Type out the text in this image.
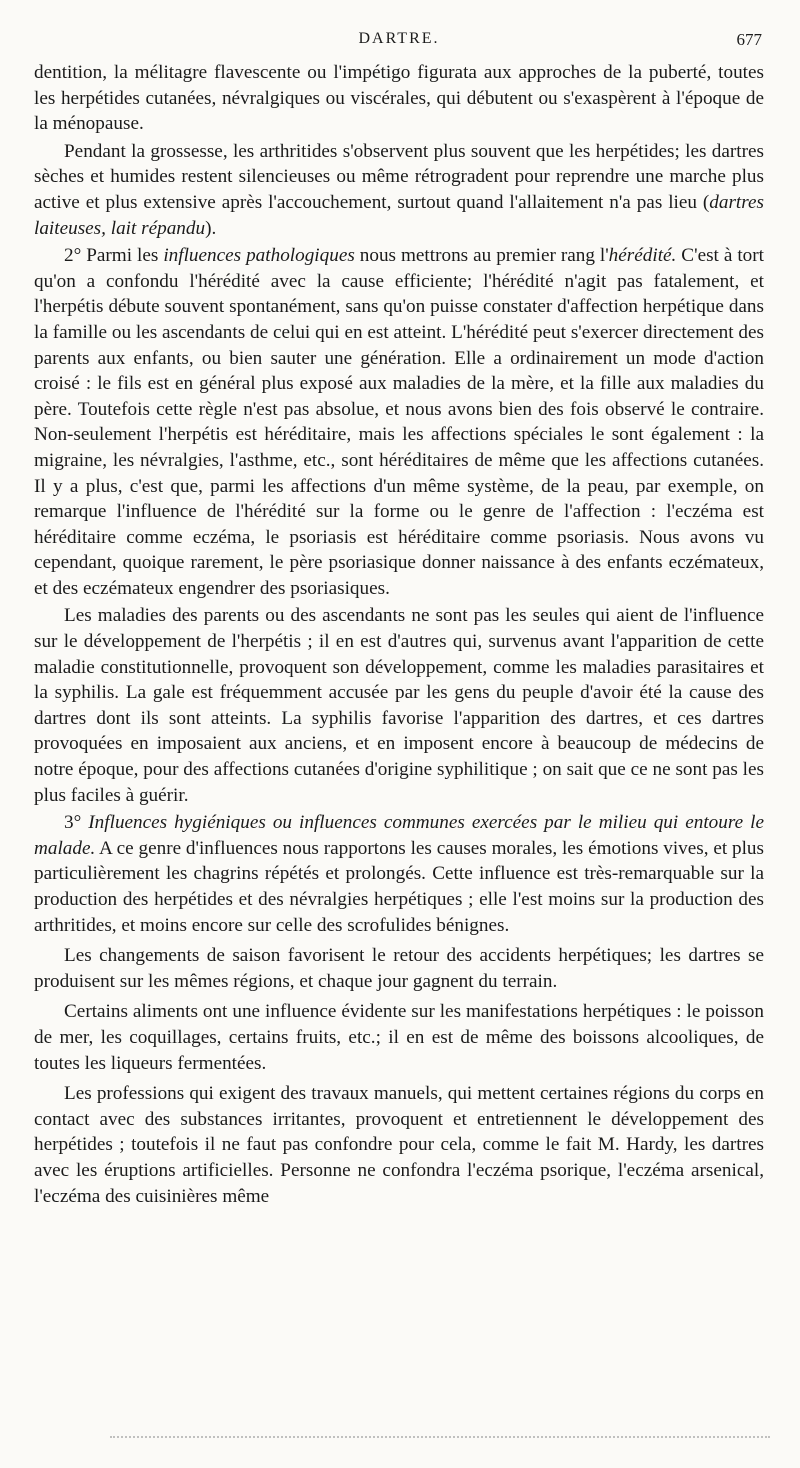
DARTRE.	677

dentition, la mélitagre flavescente ou l'impétigo figurata aux approches de la puberté, toutes les herpétides cutanées, névralgiques ou viscérales, qui débutent ou s'exaspèrent à l'époque de la ménopause.

Pendant la grossesse, les arthritides s'observent plus souvent que les herpétides; les dartres sèches et humides restent silencieuses ou même rétrogradent pour reprendre une marche plus active et plus extensive après l'accouchement, surtout quand l'allaitement n'a pas lieu (dartres laiteuses, lait répandu).

2° Parmi les influences pathologiques nous mettrons au premier rang l'hérédité. C'est à tort qu'on a confondu l'hérédité avec la cause efficiente; l'hérédité n'agit pas fatalement, et l'herpétis débute souvent spontanément, sans qu'on puisse constater d'affection herpétique dans la famille ou les ascendants de celui qui en est atteint. L'hérédité peut s'exercer directement des parents aux enfants, ou bien sauter une génération. Elle a ordinairement un mode d'action croisé : le fils est en général plus exposé aux maladies de la mère, et la fille aux maladies du père. Toutefois cette règle n'est pas absolue, et nous avons bien des fois observé le contraire. Non-seulement l'herpétis est héréditaire, mais les affections spéciales le sont également : la migraine, les névralgies, l'asthme, etc., sont héréditaires de même que les affections cutanées. Il y a plus, c'est que, parmi les affections d'un même système, de la peau, par exemple, on remarque l'influence de l'hérédité sur la forme ou le genre de l'affection : l'eczéma est héréditaire comme eczéma, le psoriasis est héréditaire comme psoriasis. Nous avons vu cependant, quoique rarement, le père psoriasique donner naissance à des enfants eczémateux, et des eczémateux engendrer des psoriasiques.

Les maladies des parents ou des ascendants ne sont pas les seules qui aient de l'influence sur le développement de l'herpétis ; il en est d'autres qui, survenus avant l'apparition de cette maladie constitutionnelle, provoquent son développement, comme les maladies parasitaires et la syphilis. La gale est fréquemment accusée par les gens du peuple d'avoir été la cause des dartres dont ils sont atteints. La syphilis favorise l'apparition des dartres, et ces dartres provoquées en imposaient aux anciens, et en imposent encore à beaucoup de médecins de notre époque, pour des affections cutanées d'origine syphilitique ; on sait que ce ne sont pas les plus faciles à guérir.

3° Influences hygiéniques ou influences communes exercées par le milieu qui entoure le malade. A ce genre d'influences nous rapportons les causes morales, les émotions vives, et plus particulièrement les chagrins répétés et prolongés. Cette influence est très-remarquable sur la production des herpétides et des névralgies herpétiques ; elle l'est moins sur la production des arthritides, et moins encore sur celle des scrofulides bénignes.

Les changements de saison favorisent le retour des accidents herpétiques; les dartres se produisent sur les mêmes régions, et chaque jour gagnent du terrain.

Certains aliments ont une influence évidente sur les manifestations herpétiques : le poisson de mer, les coquillages, certains fruits, etc.; il en est de même des boissons alcooliques, de toutes les liqueurs fermentées.

Les professions qui exigent des travaux manuels, qui mettent certaines régions du corps en contact avec des substances irritantes, provoquent et entretiennent le développement des herpétides ; toutefois il ne faut pas confondre pour cela, comme le fait M. Hardy, les dartres avec les éruptions artificielles. Personne ne confondra l'eczéma psorique, l'eczéma arsenical, l'eczéma des cuisinières même
